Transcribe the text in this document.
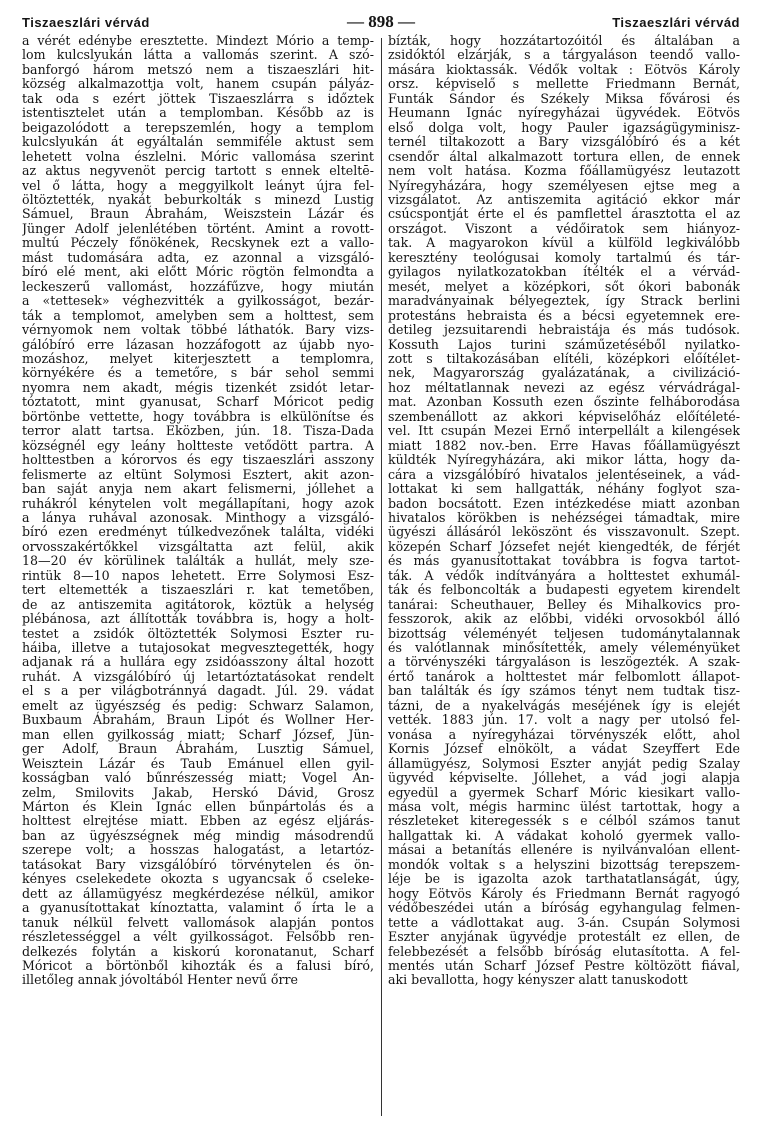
Tiszaeszlári vérvád	— 898 —	Tiszaeszlári vérvád

a vérét edénybe eresztette. Mindezt Mório a temp-

lom kulcslyukán látta a vallomás szerint. A szó-

banforgó három metszó nem a tiszaeszlári hit-

község alkalmazottja volt, hanem csupán pályáz-

tak oda s ezért jöttek Tiszaeszlárra s időztek

istentisztelet után a templomban. Később az is

beigazolódott a terepszemlén, hogy a templom

kulcslyukán át egyáltalán semmiféle aktust sem

lehetett volna észlelni. Móric vallomása szerint

az aktus negyvenöt percig tartott s ennek elteltē-

vel ő látta, hogy a meggyilkolt leányt újra fel-

öltöztették, nyakát beburkolták s minezd Lustig

Sámuel, Braun Ábrahám, Weiszstein Lázár és

Jünger Adolf jelenlétében történt. Amint a rovott-

multú Péczely főnökének, Recskynek ezt a vallo-

mást tudomására adta, ez azonnal a vizsgáló-

bíró elé ment, aki előtt Móric rögtön felmondta a

leckeszerű vallomást, hozzáfűzve, hogy miután

a «tettesek» véghezvitték a gyilkosságot, bezár-

ták a templomot, amelyben sem a holttest, sem

vérnyomok nem voltak többé láthatók. Bary vizs-

gálóbíró erre lázasan hozzáfogott az újabb nyo-

mozáshoz, melyet kiterjesztett a templomra,

környékére és a temetőre, s bár sehol semmi

nyomra nem akadt, mégis tizenkét zsidót letar-

tóztatott, mint gyanusat, Scharf Móricot pedig

börtönbe vettette, hogy továbbra is elkülönítse és

terror alatt tartsa. Eközben, jún. 18. Tisza-Dada

községnél egy leány holtteste vetődött partra. A

holttestben a kórorvos és egy tiszaeszlári asszony

felismerte az eltünt Solymosi Esztert, akit azon-

ban saját anyja nem akart felismerni, jóllehet a

ruhákról kénytelen volt megállapítani, hogy azok

a lánya ruhával azonosak. Minthogy a vizsgáló-

bíró ezen eredményt túlkedvezőnek találta, vidéki

orvosszakértőkkel vizsgáltatta azt felül, akik

18—20 év körülinek találták a hullát, mely sze-

rintük 8—10 napos lehetett. Erre Solymosi Esz-

tert eltemették a tiszaeszlári r. kat temetőben,

de az antiszemita agitátorok, köztük a helység

plébánosa, azt állították továbbra is, hogy a holt-

testet a zsidók öltöztették Solymosi Eszter ru-

háiba, illetve a tutajosokat megvesztegették, hogy

adjanak rá a hullára egy zsidóasszony által hozott

ruhát. A vizsgálóbíró új letartóztatásokat rendelt

el s a per világbotránnyá dagadt. Júl. 29. vádat

emelt az ügyészség és pedig: Schwarz Salamon,

Buxbaum Ábrahám, Braun Lipót és Wollner Her-

man ellen gyilkosság miatt; Scharf József, Jün-

ger Adolf, Braun Ábrahám, Lusztig Sámuel,

Weisztein Lázár és Taub Emánuel ellen gyil-

kosságban való bűnrészesség miatt; Vogel An-

zelm, Smilovits Jakab, Herskó Dávid, Grosz

Márton és Klein Ignác ellen bűnpártolás és a

holttest elrejtése miatt. Ebben az egész eljárás-

ban az ügyészségnek még mindig másodrendű

szerepe volt; a hosszas halogatást, a letartóz-

tatásokat Bary vizsgálóbíró törvénytelen és ön-

kényes cselekedete okozta s ugyancsak ő cseleke-

dett az államügyész megkérdezése nélkül, amikor

a gyanusítottakat kínoztatta, valamint ő írta le a

tanuk nélkül felvett vallomások alapján pontos

részletességgel a vélt gyilkosságot. Felsőbb ren-

delkezés folytán a kiskorú koronatanut, Scharf

Móricot a börtönből kihozták és a falusi bíró,

illetőleg annak jóvoltából Henter nevű őrre

bízták, hogy hozzátartozóitól és általában a

zsidóktól elzárják, s a tárgyaláson teendő vallo-

másárа kioktassák. Védők voltak : Eötvös Károly

orsz. képviselő s mellette Friedmann Bernát,

Funták Sándor és Székely Miksa fővárosi és

Heumann Ignác nyíregyházai ügyvédek. Eötvös

első dolga volt, hogy Pauler igazságügyminisz-

ternél tiltakozott a Bary vizsgálóbíró és a két

csendőr által alkalmazott tortura ellen, de ennek

nem volt hatása. Kozma főállamügyész leutazott

Nyíregyházára, hogy személyesen ejtse meg a

vizsgálatot. Az antiszemita agitáció ekkor már

csúcspontját érte el és pamflettel árasztotta el az

országot. Viszont a védőiratok sem hiányoz-

tak. A magyarokon kívül a külföld legkiválóbb

keresztény teológusai komoly tartalmú és tár-

gyilagos nyilatkozatokban ítélték el a vérvád-

mesét, melyet a középkori, sőt ókori babonák

maradványainak bélyegeztek, így Strack berlini

protestáns hebraista és a bécsi egyetemnek ere-

detileg jezsuitarendi hebraistája és más tudósok.

Kossuth Lajos turini száműzetéséből nyilatko-

zott s tiltakozásában elítéli, középkori előítélet-

nek, Magyarország gyalázatának, a civilizáció-

hoz méltatlannak nevezi az egész vérvádrágal-

mat. Azonban Kossuth ezen őszinte felháborodása

szembenállott az akkori képviselőház előítéleté-

vel. Itt csupán Mezei Ernő interpellált a kilengések

miatt 1882 nov.-ben. Erre Havas főállamügyészt

küldték Nyíregyházára, aki mikor látta, hogy da-

cára a vizsgálóbíró hivatalos jelentéseinek, a vád-

lottakat ki sem hallgatták, néhány foglyot sza-

badon bocsátott. Ezen intézkedése miatt azonban

hivatalos körökben is nehézségei támadtak, mire

ügyészi állásáról leköszönt és visszavonult. Szept.

közepén Scharf Józsefet nejét kiengedték, de férjét

és más gyanusítottakat továbbra is fogva tartot-

ták. A védők indítványára a holttestet exhumál-

ták és felboncolták a budapesti egyetem kirendelt

tanárai: Scheuthauer, Belley és Mihalkovics pro-

fesszorok, akik az előbbi, vidéki orvosokból álló

bizottság véleményét teljesen tudománytalannak

és valótlannak minősítették, amely véleményüket

a törvényszéki tárgyaláson is leszögezték. A szak-

értő tanárok a holttestet már felbomlott állapot-

ban találták és így számos tényt nem tudtak tisz-

tázni, de a nyakelvágás meséjének így is elejét

vették. 1883 jún. 17. volt a nagy per utolsó fel-

vonása a nyíregyházai törvényszék előtt, ahol

Kornis József elnökölt, a vádat Szeyffert Ede

államügyész, Solymosi Eszter anyját pedig Szalay

ügyvéd képviselte. Jóllehet, a vád jogi alapja

egyedül a gyermek Scharf Móric kiesikart vallo-

mása volt, mégis harminc ülést tartottak, hogy a

részleteket kiteregessék s e célból számos tanut

hallgattak ki. A vádakat koholó gyermek vallo-

másai a betanítás ellenére is nyilvánvalóan ellent-

mondók voltak s a helyszini bizottság terepszem-

léje be is igazolta azok tarthatatlanságát, úgy,

hogy Eötvös Károly és Friedmann Bernát ragyogó

védőbeszédei után a bíróság egyhangulag felmen-

tette a vádlottakat aug. 3-án. Csupán Solymosi

Eszter anyjának ügyvédje protestált ez ellen, de

felebbezését a felsőbb bíróság elutasította. A fel-

mentés után Scharf József Pestre költözött fiával,

aki bevallotta, hogy kényszer alatt tanuskodott
